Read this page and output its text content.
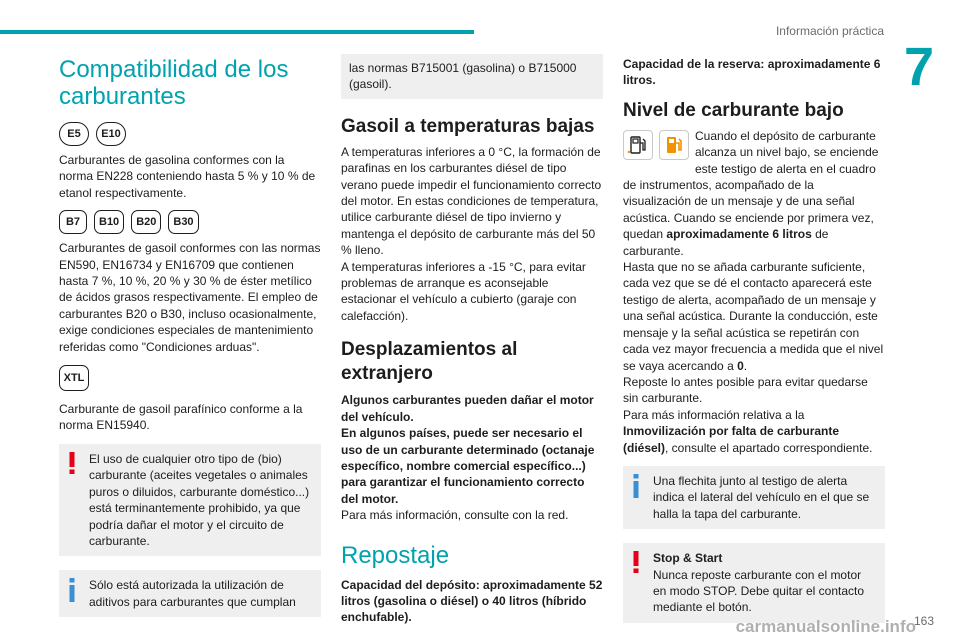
Información práctica
7
Compatibilidad de los carburantes
E5	E10

Carburantes de gasolina conformes con la norma EN228 conteniendo hasta 5 % y 10 % de etanol respectivamente.

B7	B10	B20	B30

Carburantes de gasoil conformes con las normas EN590, EN16734 y EN16709 que contienen hasta 7 %, 10 %, 20 % y 30 % de éster metílico de ácidos grasos respectivamente. El empleo de carburantes B20 o B30, incluso ocasionalmente, exige condiciones especiales de mantenimiento referidas como "Condiciones arduas".

XTL

Carburante de gasoil parafínico conforme a la norma EN15940.

El uso de cualquier otro tipo de (bio) carburante (aceites vegetales o animales puros o diluidos, carburante doméstico...) está terminantemente prohibido, ya que podría dañar el motor y el circuito de carburante.

Sólo está autorizada la utilización de aditivos para carburantes que cumplan

las normas B715001 (gasolina) o B715000 (gasoil).

Gasoil a temperaturas bajas

A temperaturas inferiores a 0 °C, la formación de parafinas en los carburantes diésel de tipo verano puede impedir el funcionamiento correcto del motor. En estas condiciones de temperatura, utilice carburante diésel de tipo invierno y mantenga el depósito de carburante más del 50 % lleno.

A temperaturas inferiores a -15 °C, para evitar problemas de arranque es aconsejable estacionar el vehículo a cubierto (garaje con calefacción).

Desplazamientos al extranjero

Algunos carburantes pueden dañar el motor del vehículo.

En algunos países, puede ser necesario el uso de un carburante determinado (octanaje específico, nombre comercial específico...) para garantizar el funcionamiento correcto del motor.

Para más información, consulte con la red.

Repostaje

Capacidad del depósito: aproximadamente 52 litros (gasolina o diésel) o 40 litros (híbrido enchufable).

Capacidad de la reserva: aproximadamente 6 litros.

Nivel de carburante bajo

Cuando el depósito de carburante alcanza un nivel bajo, se enciende este testigo de alerta en el cuadro de instrumentos, acompañado de la visualización de un mensaje y de una señal acústica. Cuando se enciende por primera vez, quedan aproximadamente 6 litros de carburante.

Hasta que no se añada carburante suficiente, cada vez que se dé el contacto aparecerá este testigo de alerta, acompañado de un mensaje y una señal acústica. Durante la conducción, este mensaje y la señal acústica se repetirán con cada vez mayor frecuencia a medida que el nivel se vaya acercando a 0.

Reposte lo antes posible para evitar quedarse sin carburante.

Para más información relativa a la Inmovilización por falta de carburante (diésel), consulte el apartado correspondiente.

Una flechita junto al testigo de alerta indica el lateral del vehículo en el que se halla la tapa del carburante.

Stop & Start

Nunca reposte carburante con el motor en modo STOP. Debe quitar el contacto mediante el botón.

carmanualsonline.info
163
